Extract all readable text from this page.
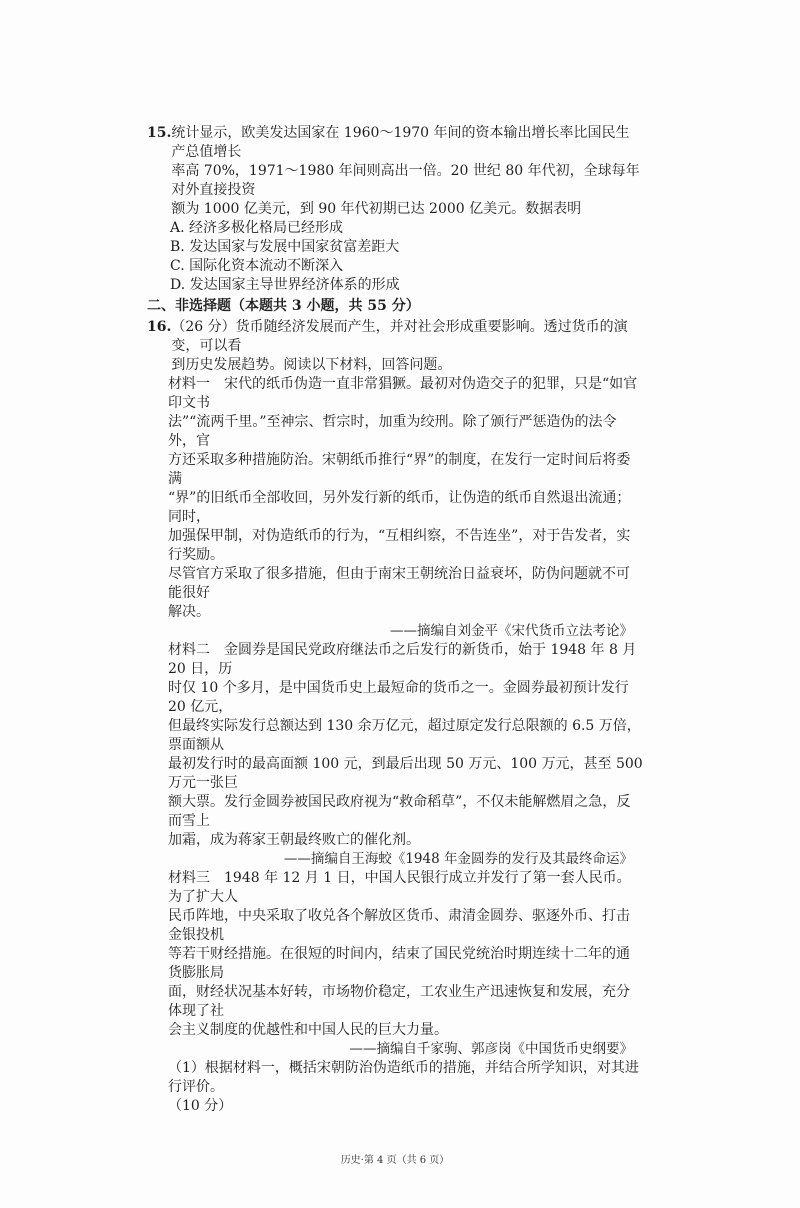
15. 统计显示，欧美发达国家在 1960～1970 年间的资本输出增长率比国民生产总值增长
率高 70%，1971～1980 年间则高出一倍。20 世纪 80 年代初，全球每年对外直接投资
额为 1000 亿美元，到 90 年代初期已达 2000 亿美元。数据表明
A. 经济多极化格局已经形成
B. 发达国家与发展中国家贫富差距大
C. 国际化资本流动不断深入
D. 发达国家主导世界经济体系的形成
二、非选择题（本题共 3 小题，共 55 分）
16. （26 分）货币随经济发展而产生，并对社会形成重要影响。透过货币的演变，可以看
到历史发展趋势。阅读以下材料，回答问题。
材料一　宋代的纸币伪造一直非常猖獗。最初对伪造交子的犯罪，只是“如官印文书
法”“流两千里。”至神宗、哲宗时，加重为绞刑。除了颁行严惩造伪的法令外，官
方还采取多种措施防治。宋朝纸币推行“界”的制度，在发行一定时间后将委满
“界”的旧纸币全部收回，另外发行新的纸币，让伪造的纸币自然退出流通；同时，
加强保甲制，对伪造纸币的行为，“互相纠察，不告连坐”，对于告发者，实行奖励。
尽管官方采取了很多措施，但由于南宋王朝统治日益衰坏，防伪问题就不可能很好
解决。
——摘编自刘金平《宋代货币立法考论》
材料二　金圆券是国民党政府继法币之后发行的新货币，始于 1948 年 8 月 20 日，历
时仅 10 个多月，是中国货币史上最短命的货币之一。金圆券最初预计发行 20 亿元，
但最终实际发行总额达到 130 余万亿元，超过原定发行总限额的 6.5 万倍，票面额从
最初发行时的最高面额 100 元，到最后出现 50 万元、100 万元，甚至 500 万元一张巨
额大票。发行金圆券被国民政府视为“救命稻草”，不仅未能解燃眉之急，反而雪上
加霜，成为蒋家王朝最终败亡的催化剂。
——摘编自王海蛟《1948 年金圆券的发行及其最终命运》
材料三　1948 年 12 月 1 日，中国人民银行成立并发行了第一套人民币。为了扩大人
民币阵地，中央采取了收兑各个解放区货币、肃清金圆券、驱逐外币、打击金银投机
等若干财经措施。在很短的时间内，结束了国民党统治时期连续十二年的通货膨胀局
面，财经状况基本好转，市场物价稳定，工农业生产迅速恢复和发展，充分体现了社
会主义制度的优越性和中国人民的巨大力量。
——摘编自千家驹、郭彦岗《中国货币史纲要》
（1）根据材料一，概括宋朝防治伪造纸币的措施，并结合所学知识，对其进行评价。
（10 分）
历史·第 4 页（共 6 页）
